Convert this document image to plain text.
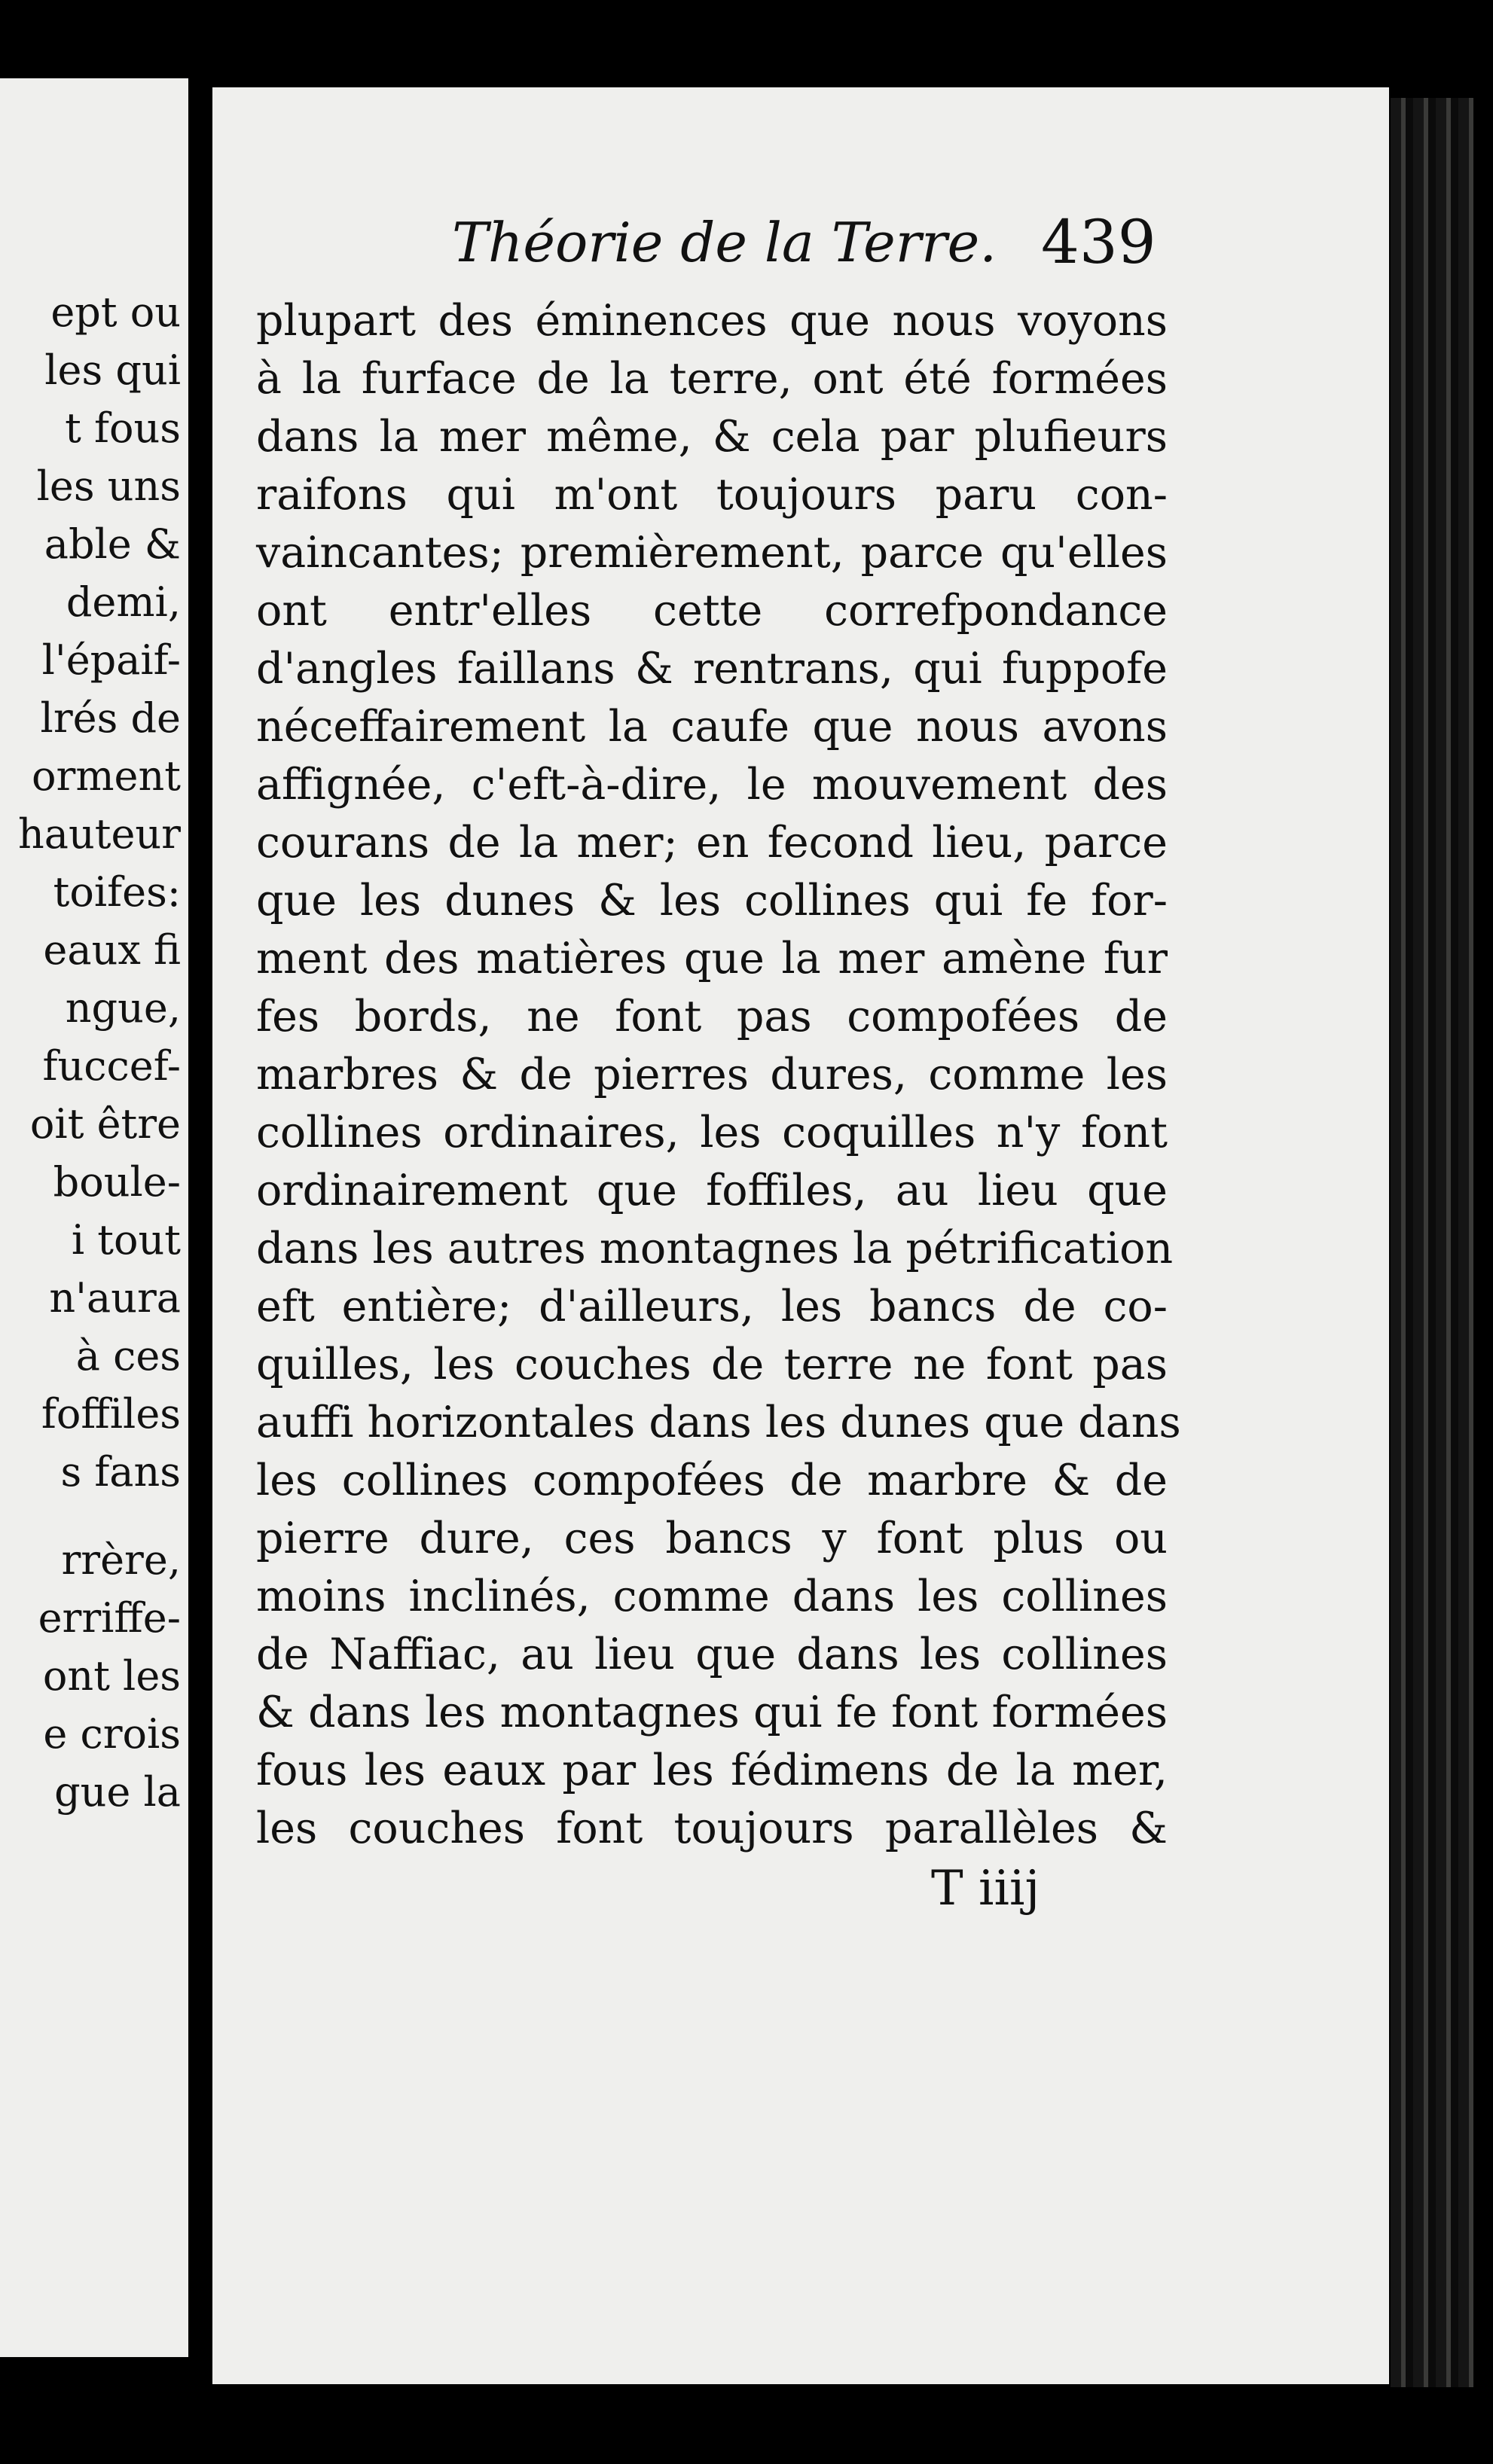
ept ou
les qui
t fous
les uns
able &
demi,
l'épaif-
lrés de
orment
hauteur
toifes:
eaux fi
ngue,
fuccef-
oit être
boule-
i tout
n'aura
à ces
foffiles
s fans
rrère,
erriffe-
ont les
e crois
gue la
Théorie de la Terre. 439
plupart des éminences que nous voyons
à la furface de la terre, ont été formées
dans la mer même, & cela par plufieurs
raifons qui m'ont toujours paru con-
vaincantes; premièrement, parce qu'elles
ont entr'elles cette correfpondance
d'angles faillans & rentrans, qui fuppofe
néceffairement la caufe que nous avons
affignée, c'eft-à-dire, le mouvement des
courans de la mer; en fecond lieu, parce
que les dunes & les collines qui fe for-
ment des matières que la mer amène fur
fes bords, ne font pas compofées de
marbres & de pierres dures, comme les
collines ordinaires, les coquilles n'y font
ordinairement que foffiles, au lieu que
dans les autres montagnes la pétrification
eft entière; d'ailleurs, les bancs de co-
quilles, les couches de terre ne font pas
auffi horizontales dans les dunes que dans
les collines compofées de marbre & de
pierre dure, ces bancs y font plus ou
moins inclinés, comme dans les collines
de Naffiac, au lieu que dans les collines
& dans les montagnes qui fe font formées
fous les eaux par les fédimens de la mer,
les couches font toujours parallèles &
T iiij
